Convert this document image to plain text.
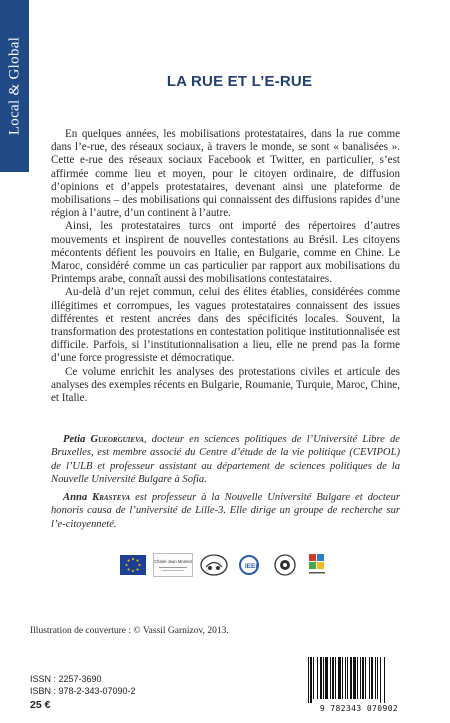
Local & Global	LA RUE ET L’E-RUE

En quelques années, les mobilisations protestataires, dans la rue comme dans l’e-rue, des réseaux sociaux, à travers le monde, se sont « banalisées ». Cette e-rue des réseaux sociaux Facebook et Twitter, en particulier, s’est affirmée comme lieu et moyen, pour le citoyen ordinaire, de diffusion d’opinions et d’appels protestataires, devenant ainsi une plateforme de mobilisations – des mobilisations qui connaissent des diffusions rapides d’une région à l’autre, d’un continent à l’autre.

Ainsi, les protestataires turcs ont importé des répertoires d’autres mouvements et inspirent de nouvelles contestations au Brésil. Les citoyens mécontents défient les pouvoirs en Italie, en Bulgarie, comme en Chine. Le Maroc, considéré comme un cas particulier par rapport aux mobilisations du Printemps arabe, connaît aussi des mobilisations contestataires.

Au-delà d’un rejet commun, celui des élites établies, considérées comme illégitimes et corrompues, les vagues protestataires connaissent des issues différentes et restent ancrées dans des spécificités locales. Souvent, la transformation des protestations en contestation politique institutionnalisée est difficile. Parfois, si l’institutionnalisation a lieu, elle ne prend pas la forme d’une force progressiste et démocratique.

Ce volume enrichit les analyses des protestations civiles et articule des analyses des exemples récents en Bulgarie, Roumanie, Turquie, Maroc, Chine, et Italie.

Petia Gueorguieva, docteur en sciences politiques de l’Université Libre de Bruxelles, est membre associé du Centre d’étude de la vie politique (CEVIPOL) de l’ULB et professeur assistant au département de sciences politiques de la Nouvelle Université Bulgare à Sofia.

Anna Krasteva est professeur à la Nouvelle Université Bulgare et docteur honoris causa de l’université de Lille-3. Elle dirige un groupe de recherche sur l’e-citoyenneté.

Chaire Jean Monnet
IEEI
Illustration de couverture : © Vassil Garnizov, 2013.
ISSN : 2257-3690
ISBN : 978-2-343-07090-2
25 €	9 782343 070902
